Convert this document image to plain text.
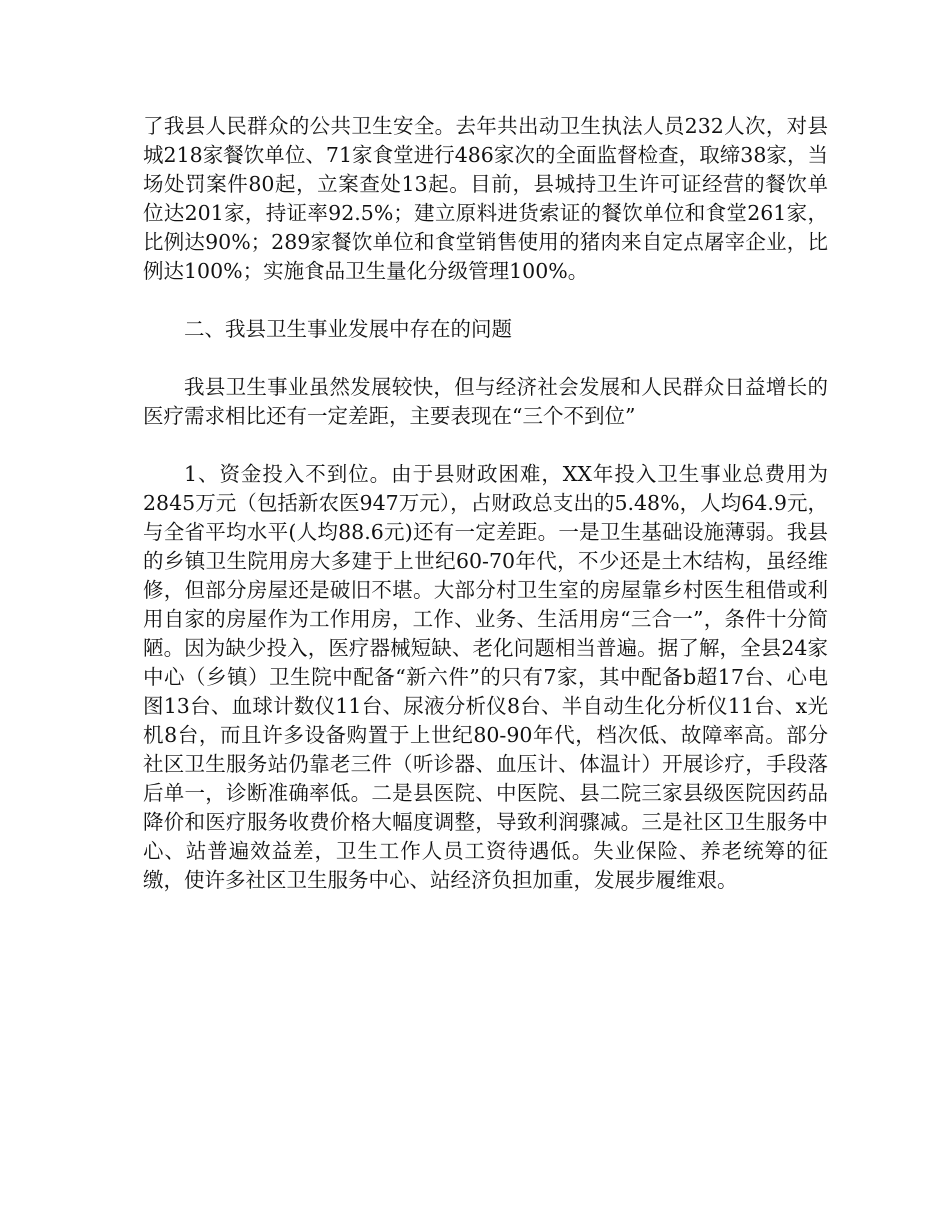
了我县人民群众的公共卫生安全。去年共出动卫生执法人员232人次，对县城218家餐饮单位、71家食堂进行486家次的全面监督检查，取缔38家，当场处罚案件80起，立案查处13起。目前，县城持卫生许可证经营的餐饮单位达201家，持证率92.5%；建立原料进货索证的餐饮单位和食堂261家，比例达90%；289家餐饮单位和食堂销售使用的猪肉来自定点屠宰企业，比例达100%；实施食品卫生量化分级管理100%。

二、我县卫生事业发展中存在的问题

我县卫生事业虽然发展较快，但与经济社会发展和人民群众日益增长的医疗需求相比还有一定差距，主要表现在“三个不到位”

1、资金投入不到位。由于县财政困难，XX年投入卫生事业总费用为2845万元（包括新农医947万元），占财政总支出的5.48%，人均64.9元，与全省平均水平(人均88.6元)还有一定差距。一是卫生基础设施薄弱。我县的乡镇卫生院用房大多建于上世纪60-70年代，不少还是土木结构，虽经维修，但部分房屋还是破旧不堪。大部分村卫生室的房屋靠乡村医生租借或利用自家的房屋作为工作用房，工作、业务、生活用房“三合一”，条件十分简陋。因为缺少投入，医疗器械短缺、老化问题相当普遍。据了解，全县24家中心（乡镇）卫生院中配备“新六件”的只有7家，其中配备b超17台、心电图13台、血球计数仪11台、尿液分析仪8台、半自动生化分析仪11台、x光机8台，而且许多设备购置于上世纪80-90年代，档次低、故障率高。部分社区卫生服务站仍靠老三件（听诊器、血压计、体温计）开展诊疗，手段落后单一，诊断准确率低。二是县医院、中医院、县二院三家县级医院因药品降价和医疗服务收费价格大幅度调整，导致利润骤减。三是社区卫生服务中心、站普遍效益差，卫生工作人员工资待遇低。失业保险、养老统筹的征缴，使许多社区卫生服务中心、站经济负担加重，发展步履维艰。
